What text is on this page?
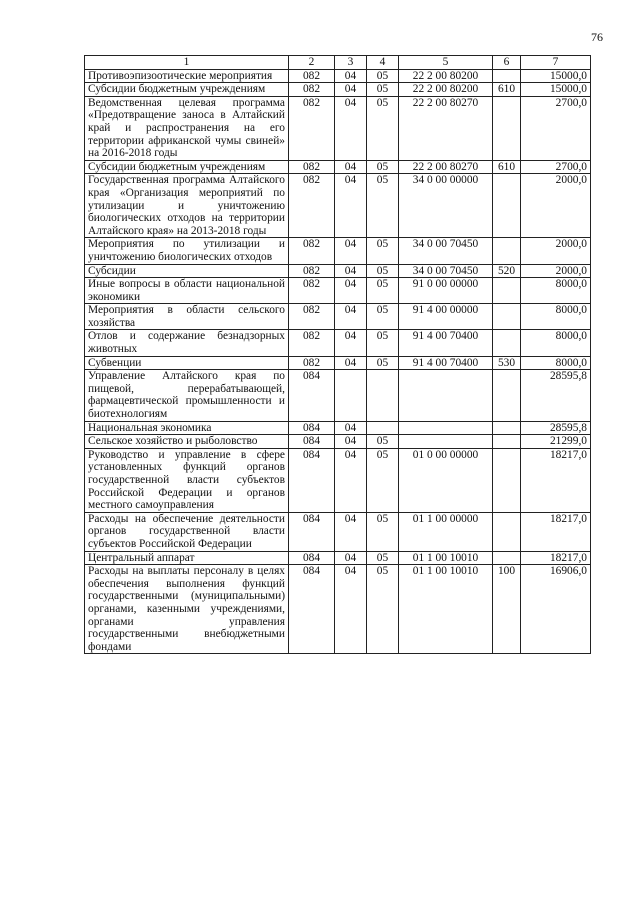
76
1	2	3	4	5	6	7
Противоэпизоотические мероприятия	082	04	05	22 2 00 80200		15000,0
Субсидии бюджетным учреждениям	082	04	05	22 2 00 80200	610	15000,0
Ведомственная целевая программа «Предотвращение заноса в Алтайский край и распространения на его территории африканской чумы свиней» на 2016-2018 годы	082	04	05	22 2 00 80270		2700,0
Субсидии бюджетным учреждениям	082	04	05	22 2 00 80270	610	2700,0
Государственная программа Алтайского края «Организация мероприятий по утилизации и уничтожению биологических отходов на территории Алтайского края» на 2013-2018 годы	082	04	05	34 0 00 00000		2000,0
Мероприятия по утилизации и уничтожению биологических отходов	082	04	05	34 0 00 70450		2000,0
Субсидии	082	04	05	34 0 00 70450	520	2000,0
Иные вопросы в области национальной экономики	082	04	05	91 0 00 00000		8000,0
Мероприятия в области сельского хозяйства	082	04	05	91 4 00 00000		8000,0
Отлов и содержание безнадзорных животных	082	04	05	91 4 00 70400		8000,0
Субвенции	082	04	05	91 4 00 70400	530	8000,0
Управление Алтайского края по пищевой, перерабатывающей, фармацевтической промышленности и биотехнологиям	084					28595,8
Национальная экономика	084	04				28595,8
Сельское хозяйство и рыболовство	084	04	05			21299,0
Руководство и управление в сфере установленных функций органов государственной власти субъектов Российской Федерации и органов местного самоуправления	084	04	05	01 0 00 00000		18217,0
Расходы на обеспечение деятельности органов государственной власти субъектов Российской Федерации	084	04	05	01 1 00 00000		18217,0
Центральный аппарат	084	04	05	01 1 00 10010		18217,0
Расходы на выплаты персоналу в целях обеспечения выполнения функций государственными (муниципальными) органами, казенными учреждениями, органами управления государственными внебюджетными фондами	084	04	05	01 1 00 10010	100	16906,0
